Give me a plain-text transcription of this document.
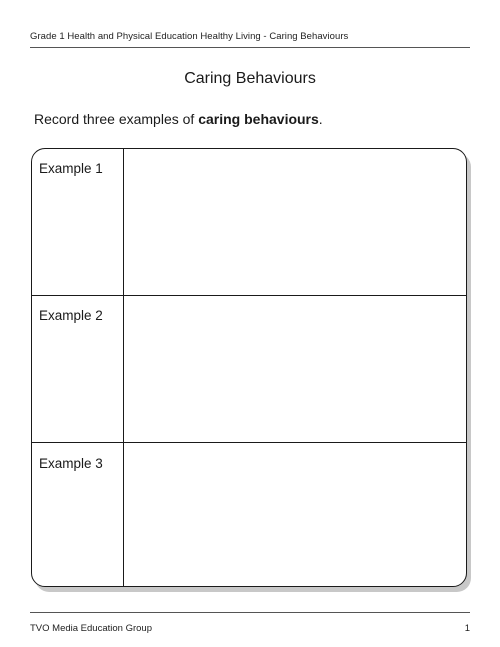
Grade 1 Health and Physical Education Healthy Living - Caring Behaviours
Caring Behaviours
Record three examples of caring behaviours.
Example 1
Example 2
Example 3
TVO Media Education Group	1
